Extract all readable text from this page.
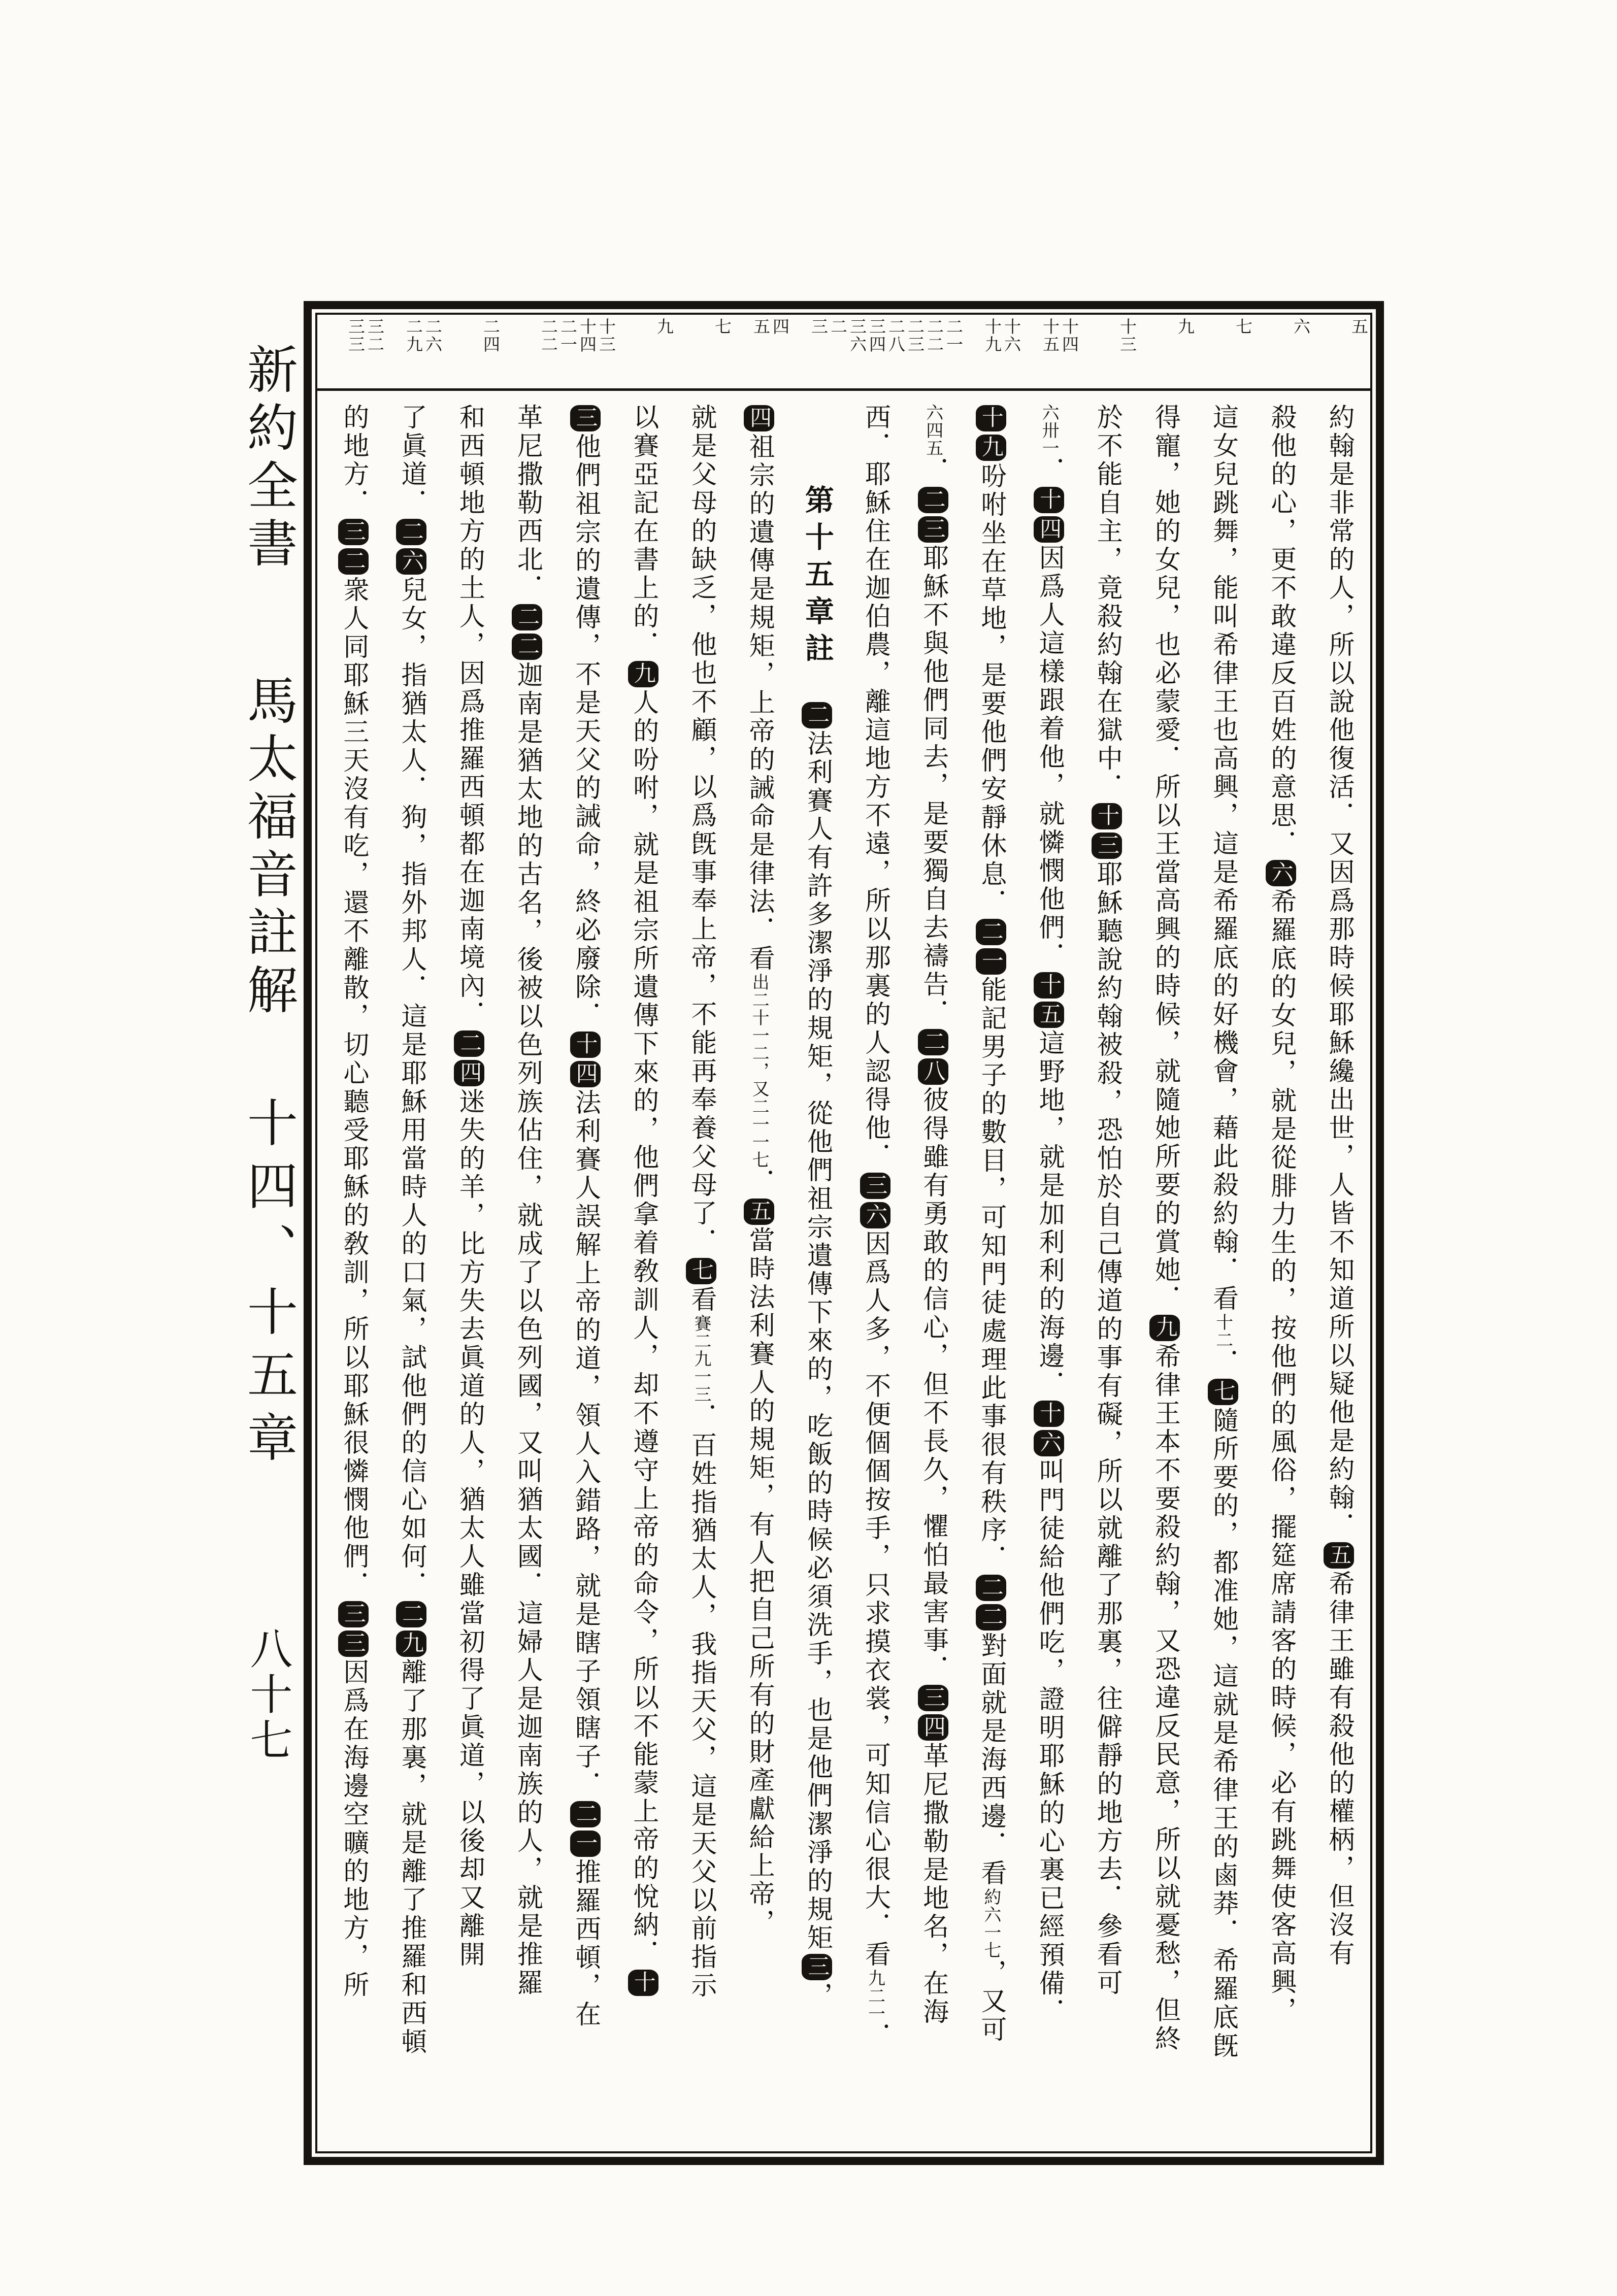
新約全書馬太福音註解十四、十五章八十七
五
六
七
九
十三
十四
十五
十六
十九
二一
二二
二三
二八
三四
三六
二
三
四
五
七
九
十三
十四
二一
二二
二四
二六
二九
三二
三三
約翰是非常的人，所以說他復活．又因爲那時候耶穌纔出世，人皆不知道所以疑他是約翰．五希律王雖有殺他的權柄，但沒有
殺他的心，更不敢違反百姓的意思．六希羅底的女兒，就是從腓力生的，按他們的風俗，擺筵席請客的時候，必有跳舞使客高興，
這女兒跳舞，能叫希律王也高興，這是希羅底的好機會，藉此殺約翰．看十二．七隨所要的，都准她，這就是希律王的鹵莽．希羅底旣
得寵，她的女兒，也必蒙愛．所以王當高興的時候，就隨她所要的賞她．九希律王本不要殺約翰，又恐違反民意，所以就憂愁，但終
於不能自主，竟殺約翰在獄中．十三耶穌聽說約翰被殺，恐怕於自己傳道的事有礙，所以就離了那裏，往僻靜的地方去．參看可
六卅一．十四因爲人這樣跟着他，就憐憫他們．十五這野地，就是加利利的海邊．十六叫門徒給他們吃，證明耶穌的心裏已經預備．
十九吩咐坐在草地，是要他們安靜休息．二一能記男子的數目，可知門徒處理此事很有秩序．二二對面就是海西邊．看約六一七，又可
六四五．二三耶穌不與他們同去，是要獨自去禱告．二八彼得雖有勇敢的信心，但不長久，懼怕最害事．三四革尼撒勒是地名，在海
西．耶穌住在迦伯農，離這地方不遠，所以那裏的人認得他．三六因爲人多，不便個個按手，只求摸衣裳，可知信心很大．看九二一．
第十五章註二法利賽人有許多潔淨的規矩，從他們祖宗遺傳下來的，吃飯的時候必須洗手，也是他們潔淨的規矩三，
四祖宗的遺傳是規矩，上帝的誡命是律法．看出二十一二，又二一一七．五當時法利賽人的規矩，有人把自己所有的財產獻給上帝，
就是父母的缺乏，他也不顧，以爲旣事奉上帝，不能再奉養父母了．七看賽二九一三．百姓指猶太人，我指天父，這是天父以前指示
以賽亞記在書上的．九人的吩咐，就是祖宗所遺傳下來的，他們拿着敎訓人，却不遵守上帝的命令，所以不能蒙上帝的悅納．十
三他們祖宗的遺傳，不是天父的誡命，終必廢除．十四法利賽人誤解上帝的道，領人入錯路，就是瞎子領瞎子．二一推羅西頓，在
革尼撒勒西北．二二迦南是猶太地的古名，後被以色列族佔住，就成了以色列國，又叫猶太國．這婦人是迦南族的人，就是推羅
和西頓地方的土人，因爲推羅西頓都在迦南境內．二四迷失的羊，比方失去眞道的人，猶太人雖當初得了眞道，以後却又離開
了眞道．二六兒女，指猶太人．狗，指外邦人．這是耶穌用當時人的口氣，試他們的信心如何．二九離了那裏，就是離了推羅和西頓
的地方．三二衆人同耶穌三天沒有吃，還不離散，切心聽受耶穌的敎訓，所以耶穌很憐憫他們．三三因爲在海邊空曠的地方，所
